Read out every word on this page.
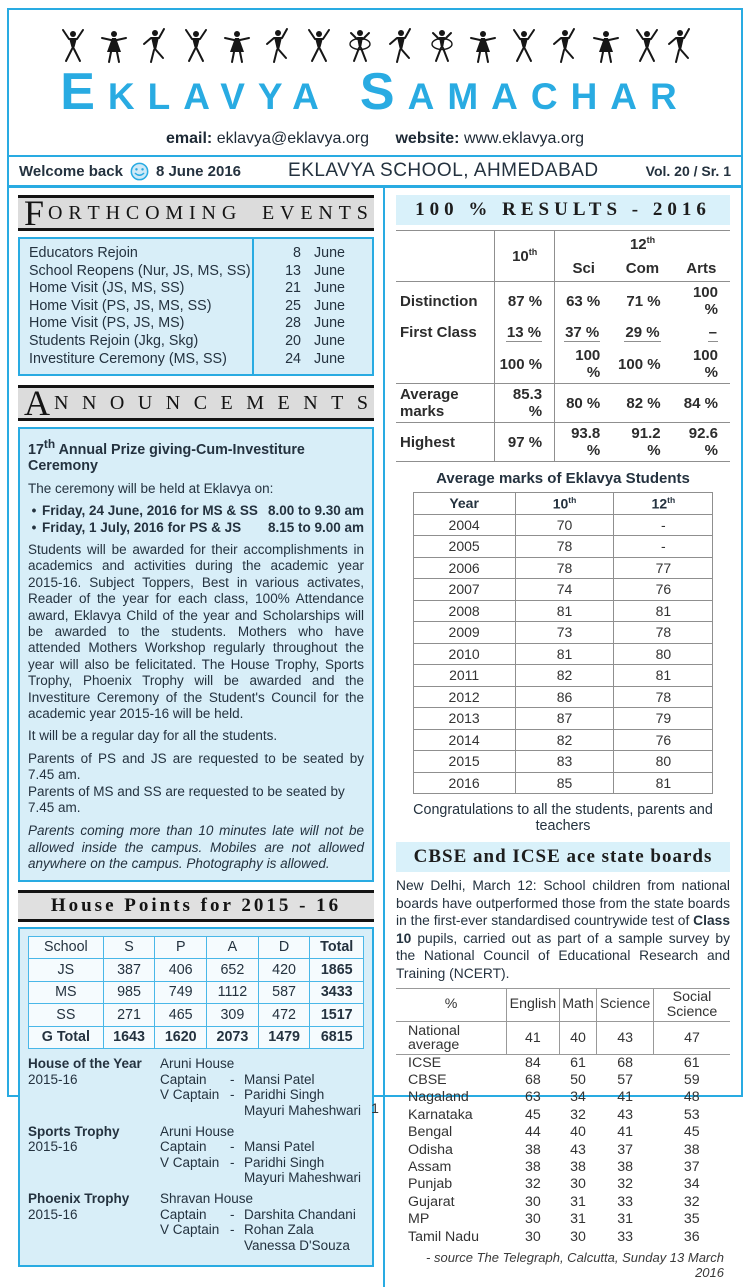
EKLAVYA SAMACHAR
email: eklavya@eklavya.org website: www.eklavya.org
Welcome back 8 June 2016	EKLAVYA SCHOOL, AHMEDABAD	Vol. 20 / Sr. 1
F O R T H C O M I N G E V E N T S
Educators Rejoin	8 June
School Reopens (Nur, JS, MS, SS)	13 June
Home Visit (JS, MS, SS)	21 June
Home Visit (PS, JS, MS, SS)	25 June
Home Visit (PS, JS, MS)	28 June
Students Rejoin (Jkg, Skg)	20 June
Investiture Ceremony (MS, SS)	24 June
A N N O U N C E M E N T S
17th Annual Prize giving-Cum-Investiture Ceremony
The ceremony will be held at Eklavya on:
• Friday, 24 June, 2016 for MS & SS 8.00 to 9.30 am
• Friday, 1 July, 2016 for PS & JS	8.15 to 9.00 am
Students will be awarded for their accomplishments in academics and activities during the academic year 2015-16. Subject Toppers, Best in various activates, Reader of the year for each class, 100% Attendance award, Eklavya Child of the year and Scholarships will be awarded to the students. Mothers who have attended Mothers Workshop regularly throughout the year will also be felicitated. The House Trophy, Sports Trophy, Phoenix Trophy will be awarded and the Investiture Ceremony of the Student's Council for the academic year 2015-16 will be held.
It will be a regular day for all the students.
Parents of PS and JS are requested to be seated by 7.45 am.
Parents of MS and SS are requested to be seated by 7.45 am.
Parents coming more than 10 minutes late will not be allowed inside the campus. Mobiles are not allowed anywhere on the campus. Photography is allowed.
House Points for 2015 - 16
School	S	P	A	D	Total
JS	387	406	652	420	1865
MS	985	749	1112	587	3433
SS	271	465	309	472	1517
G Total	1643	1620	2073	1479	6815
House of the Year
2015-16
Aruni House
Captain	- Mansi Patel
V Captain - Paridhi Singh
Mayuri Maheshwari
Sports Trophy
2015-16
Aruni House
Captain	- Mansi Patel
V Captain - Paridhi Singh
Mayuri Maheshwari
Phoenix Trophy
2015-16
Shravan House
Captain	- Darshita Chandani
V Captain - Rohan Zala
Vanessa D'Souza
100 % RESULTS - 2016
	10th	12th
		Sci	Com	Arts
Distinction	87 %	63 %	71 %	100 %
First Class	13 %	37 %	29 %	–
	100 %	100 %	100 %	100 %
Average marks	85.3 %	80 %	82 %	84 %
Highest	97 %	93.8 %	91.2 %	92.6 %
Average marks of Eklavya Students
Year	10th	12th
2004	70	-
2005	78	-
2006	78	77
2007	74	76
2008	81	81
2009	73	78
2010	81	80
2011	82	81
2012	86	78
2013	87	79
2014	82	76
2015	83	80
2016	85	81
Congratulations to all the students, parents and teachers
CBSE and ICSE ace state boards
New Delhi, March 12: School children from national boards have outperformed those from the state boards in the first-ever standardised countrywide test of Class 10 pupils, carried out as part of a sample survey by the National Council of Educational Research and Training (NCERT).
%	English	Math	Science	Social Science
National average	41	40	43	47
ICSE	84	61	68	61
CBSE	68	50	57	59
Nagaland	63	34	41	48
Karnataka	45	32	43	53
Bengal	44	40	41	45
Odisha	38	43	37	38
Assam	38	38	38	37
Punjab	32	30	32	34
Gujarat	30	31	33	32
MP	30	31	31	35
Tamil Nadu	30	30	33	36
- source The Telegraph, Calcutta, Sunday 13 March 2016
1
